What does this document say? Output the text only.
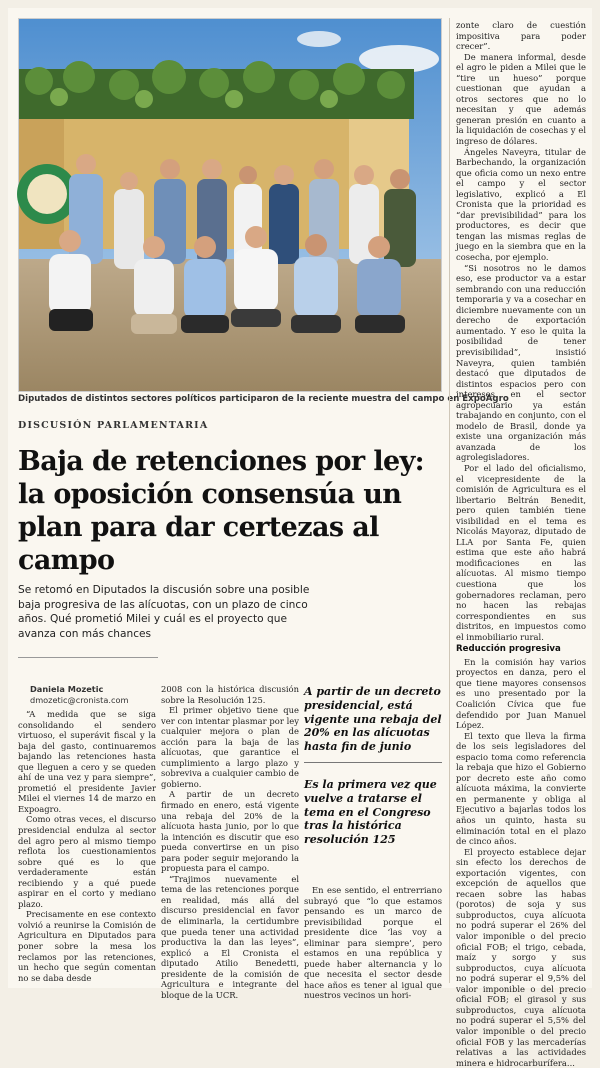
Diputados de distintos sectores políticos participaron de la reciente muestra del campo en ExpoAgro
DISCUSIÓN PARLAMENTARIA
Baja de retenciones por ley: la oposición consensúa un plan para dar certezas al campo
Se retomó en Diputados la discusión sobre una posible baja progresiva de las alícuotas, con un plazo de cinco años. Qué prometió Milei y cuál es el proyecto que avanza con más chances
Daniela Mozetic
dmozetic@cronista.com

“A medida que se siga consolidando el sendero virtuoso, el superávit fiscal y la baja del gasto, continuaremos bajando las retenciones hasta que lleguen a cero y se queden ahí de una vez y para siempre”, prometió el presidente Javier Milei el viernes 14 de marzo en Expoagro.

Como otras veces, el discurso presidencial endulza al sector del agro pero al mismo tiempo reflota los cuestionamientos sobre qué es lo que verdaderamente están recibiendo y a qué puede aspirar en el corto y mediano plazo.

Precisamente en ese contexto volvió a reunirse la Comisión de Agricultura en Diputados para poner sobre la mesa los reclamos por las retenciones, un hecho que según comentan no se daba desde

2008 con la histórica discusión sobre la Resolución 125.

El primer objetivo tiene que ver con intentar plasmar por ley cualquier mejora o plan de acción para la baja de las alícuotas, que garantice el cumplimiento a largo plazo y sobreviva a cualquier cambio de gobierno.

A partir de un decreto firmado en enero, está vigente una rebaja del 20% de la alícuota hasta junio, por lo que la intención es discutir que eso pueda convertirse en un piso para poder seguir mejorando la propuesta para el campo.

“Trajimos nuevamente el tema de las retenciones porque en realidad, más allá del discurso presidencial en favor de eliminarla, la certidumbre que pueda tener una actividad productiva la dan las leyes”, explicó a El Cronista el diputado Atilio Benedetti, presidente de la comisión de Agricultura e integrante del bloque de la UCR.

A partir de un decreto presidencial, está vigente una rebaja del 20% en las alícuotas hasta fin de junio
Es la primera vez que vuelve a tratarse el tema en el Congreso tras la histórica resolución 125

En ese sentido, el entrerriano subrayó que “lo que estamos pensando es un marco de previsibilidad porque el presidente dice ‘las voy a eliminar para siempre’, pero estamos en una república y puede haber alternancia y lo que necesita el sector desde hace años es tener al igual que nuestros vecinos un hori-

zonte claro de cuestión impositiva para poder crecer”.

De manera informal, desde el agro le piden a Milei que le “tire un hueso” porque cuestionan que ayudan a otros sectores que no lo necesitan y que además generan presión en cuanto a la liquidación de cosechas y el ingreso de dólares.

Ángeles Naveyra, titular de Barbechando, la organización que oficia como un nexo entre el campo y el sector legislativo, explicó a El Cronista que la prioridad es “dar previsibilidad” para los productores, es decir que tengan las mismas reglas de juego en la siembra que en la cosecha, por ejemplo.

“Si nosotros no le damos eso, ese productor va a estar sembrando con una reducción temporaria y va a cosechar en diciembre nuevamente con un derecho de exportación aumentado. Y eso le quita la posibilidad de tener previsibilidad”, insistió Naveyra, quien también destacó que diputados de distintos espacios pero con intereses en el sector agropecuario ya están trabajando en conjunto, con el modelo de Brasil, donde ya existe una organización más avanzada de los agrolegisladores.

Por el lado del oficialismo, el vicepresidente de la comisión de Agricultura es el libertario Beltrán Benedit, pero quien también tiene visibilidad en el tema es Nicolás Mayoraz, diputado de LLA por Santa Fe, quien estima que este año habrá modificaciones en las alícuotas. Al mismo tiempo cuestiona que los gobernadores reclaman, pero no hacen las rebajas correspondientes en sus distritos, en impuestos como el inmobiliario rural.

Reducción progresiva

En la comisión hay varios proyectos en danza, pero el que tiene mayores consensos es uno presentado por la Coalición Cívica que fue defendido por Juan Manuel López.

El texto que lleva la firma de los seis legisladores del espacio toma como referencia la rebaja que hizo el Gobierno por decreto este año como alícuota máxima, la convierte en permanente y obliga al Ejecutivo a bajarlas todos los años un quinto, hasta su eliminación total en el plazo de cinco años.

El proyecto establece dejar sin efecto los derechos de exportación vigentes, con excepción de aquellos que recaen sobre las habas (porotos) de soja y sus subproductos, cuya alícuota no podrá superar el 26% del valor imponible o del precio oficial FOB; el trigo, cebada, maíz y sorgo y sus subproductos, cuya alícuota no podrá superar el 9,5% del valor imponible o del precio oficial FOB; el girasol y sus subproductos, cuya alícuota no podrá superar el 5,5% del valor imponible o del precio oficial FOB y las mercaderías relativas a las actividades minera e hidrocarburífera...
